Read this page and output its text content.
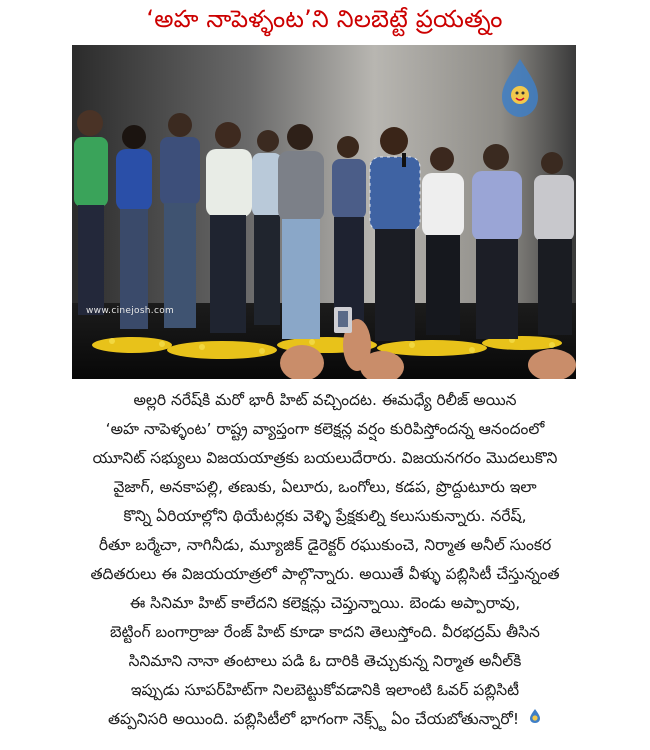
‘అహ నాపెళ్ళంట’ని నిలబెట్టే ప్రయత్నం
www.cinejosh.com
అల్లరి నరేష్‌కి మరో భారీ హిట్ వచ్చిందట. ఈమధ్యే రిలీజ్ అయిన
‘అహ నాపెళ్ళంట’ రాష్ట్ర వ్యాప్తంగా కలెక్షన్ల వర్షం కురిపిస్తోందన్న ఆనందంలో
యూనిట్ సభ్యులు విజయయాత్రకు బయలుదేరారు. విజయనగరం మొదలుకొని
వైజాగ్, అనకాపల్లి, తణుకు, ఏలూరు, ఒంగోలు, కడప, ప్రొద్దుటూరు ఇలా
కొన్ని ఏరియాల్లోని థియేటర్లకు వెళ్ళి ప్రేక్షకుల్ని కలుసుకున్నారు. నరేష్,
రీతూ బర్మేచా, నాగినీడు, మ్యూజిక్ డైరెక్టర్ రఘుకుంచె, నిర్మాత అనీల్ సుంకర
తదితరులు ఈ విజయయాత్రలో పాల్గొన్నారు. అయితే వీళ్ళు పబ్లిసిటీ చేస్తున్నంత
ఈ సినిమా హిట్ కాలేదని కలెక్షన్లు చెప్తున్నాయి. బెండు అప్పారావు,
బెట్టింగ్ బంగార్రాజు రేంజ్ హిట్ కూడా కాదని తెలుస్తోంది. వీరభద్రమ్ తీసిన
సినిమాని నానా తంటాలు పడి ఓ దారికి తెచ్చుకున్న నిర్మాత అనీల్‌కి
ఇప్పుడు సూపర్‌హిట్‌గా నిలబెట్టుకోవడానికి ఇలాంటి ఓవర్ పబ్లిసిటీ
తప్పనిసరి అయింది. పబ్లిసిటీలో భాగంగా నెక్స్ట్ ఏం చేయబోతున్నారో!
